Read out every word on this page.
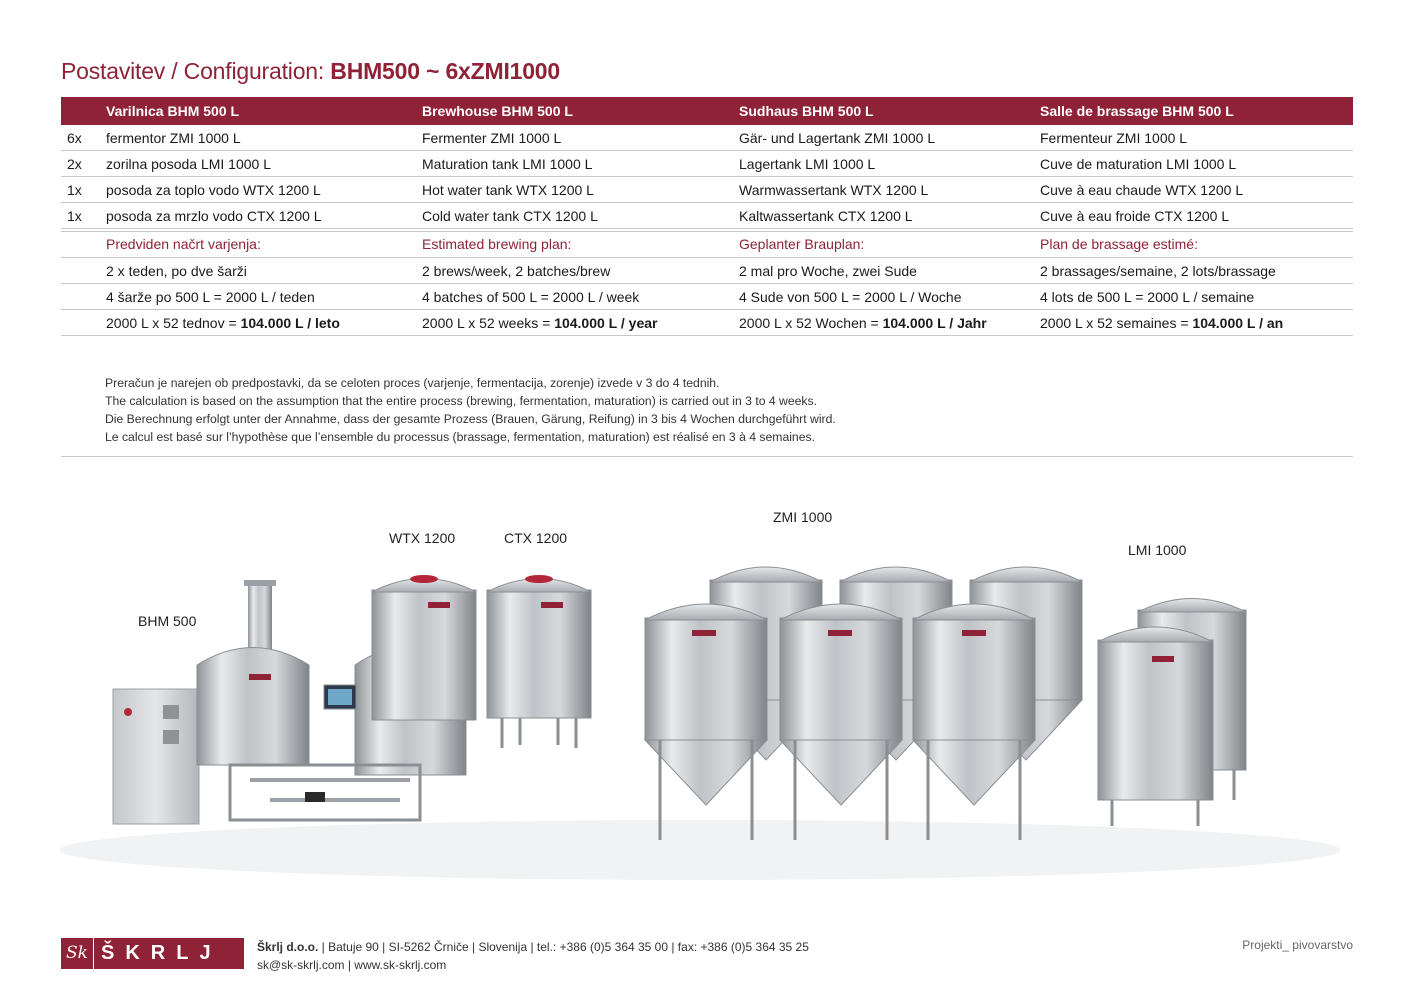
Postavitev / Configuration: BHM500 ~ 6xZMI1000
Varilnica BHM 500 L	Brewhouse BHM 500 L	Sudhaus BHM 500 L	Salle de brassage BHM 500 L
6x fermentor ZMI 1000 L	Fermenter ZMI 1000 L	Gär- und Lagertank ZMI 1000 L	Fermenteur ZMI 1000 L
2x zorilna posoda LMI 1000 L	Maturation tank LMI 1000 L	Lagertank LMI 1000 L	Cuve de maturation LMI 1000 L
1x posoda za toplo vodo WTX 1200 L	Hot water tank WTX 1200 L	Warmwassertank WTX 1200 L	Cuve à eau chaude WTX 1200 L
1x posoda za mrzlo vodo CTX 1200 L	Cold water tank CTX 1200 L	Kaltwassertank CTX 1200 L	Cuve à eau froide CTX 1200 L
Predviden načrt varjenja:	Estimated brewing plan:	Geplanter Brauplan:	Plan de brassage estimé:
2 x teden, po dve šarži	2 brews/week, 2 batches/brew	2 mal pro Woche, zwei Sude	2 brassages/semaine, 2 lots/brassage
4 šarže po 500 L = 2000 L / teden	4 batches of 500 L = 2000 L / week	4 Sude von 500 L = 2000 L / Woche	4 lots de 500 L = 2000 L / semaine
2000 L x 52 tednov = 104.000 L / leto	2000 L x 52 weeks = 104.000 L / year	2000 L x 52 Wochen = 104.000 L / Jahr	2000 L x 52 semaines = 104.000 L / an
Preračun je narejen ob predpostavki, da se celoten proces (varjenje, fermentacija, zorenje) izvede v 3 do 4 tednih.
The calculation is based on the assumption that the entire process (brewing, fermentation, maturation) is carried out in 3 to 4 weeks.
Die Berechnung erfolgt unter der Annahme, dass der gesamte Prozess (Brauen, Gärung, Reifung) in 3 bis 4 Wochen durchgeführt wird.
Le calcul est basé sur l’hypothèse que l’ensemble du processus (brassage, fermentation, maturation) est réalisé en 3 à 4 semaines.
BHM 500
WTX 1200	CTX 1200
ZMI 1000
LMI 1000
Sk ŠKRLJ	Škrlj d.o.o. | Batuje 90 | SI-5262 Črniče | Slovenija | tel.: +386 (0)5 364 35 00 | fax: +386 (0)5 364 35 25
sk@sk-skrlj.com | www.sk-skrlj.com
Projekti_ pivovarstvo
